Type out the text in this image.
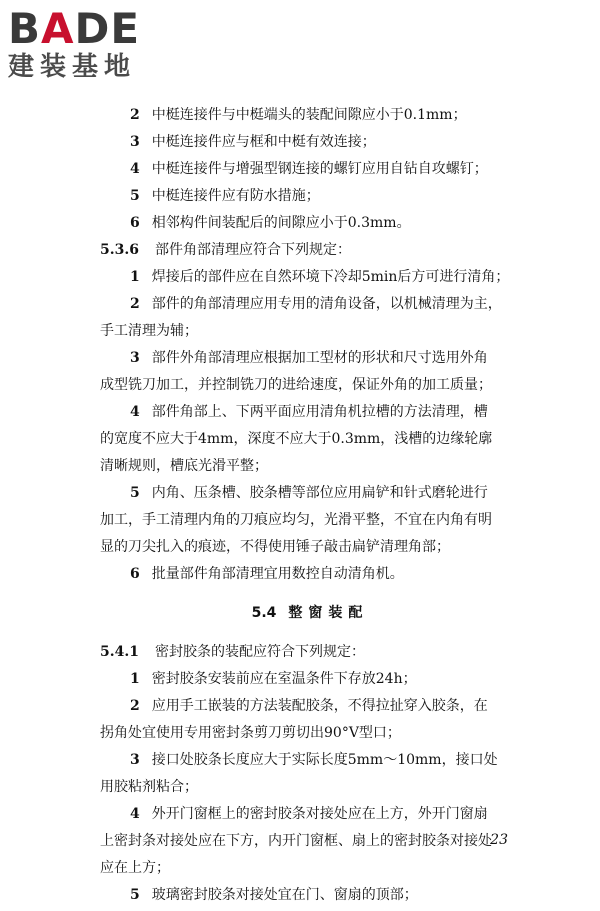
BADE
建装基地
2 中梃连接件与中梃端头的装配间隙应小于0.1mm；
3 中梃连接件应与框和中梃有效连接；
4 中梃连接件与增强型钢连接的螺钉应用自钻自攻螺钉；
5 中梃连接件应有防水措施；
6 相邻构件间装配后的间隙应小于0.3mm。
5.3.6 部件角部清理应符合下列规定：
1 焊接后的部件应在自然环境下冷却5min后方可进行清角；
2 部件的角部清理应用专用的清角设备，以机械清理为主，
手工清理为辅；
3 部件外角部清理应根据加工型材的形状和尺寸选用外角
成型铣刀加工，并控制铣刀的进给速度，保证外角的加工质量；
4 部件角部上、下两平面应用清角机拉槽的方法清理，槽
的宽度不应大于4mm，深度不应大于0.3mm，浅槽的边缘轮廓
清晰规则，槽底光滑平整；
5 内角、压条槽、胶条槽等部位应用扁铲和针式磨轮进行
加工，手工清理内角的刀痕应均匀，光滑平整，不宜在内角有明
显的刀尖扎入的痕迹，不得使用锤子敲击扁铲清理角部；
6 批量部件角部清理宜用数控自动清角机。
5.4 整窗装配
5.4.1 密封胶条的装配应符合下列规定：
1 密封胶条安装前应在室温条件下存放24h；
2 应用手工嵌装的方法装配胶条，不得拉扯穿入胶条，在
拐角处宜使用专用密封条剪刀剪切出90°V型口；
3 接口处胶条长度应大于实际长度5mm～10mm，接口处
用胶粘剂粘合；
4 外开门窗框上的密封胶条对接处应在上方，外开门窗扇
上密封条对接处应在下方，内开门窗框、扇上的密封胶条对接处
应在上方；
5 玻璃密封胶条对接处宜在门、窗扇的顶部；
23
